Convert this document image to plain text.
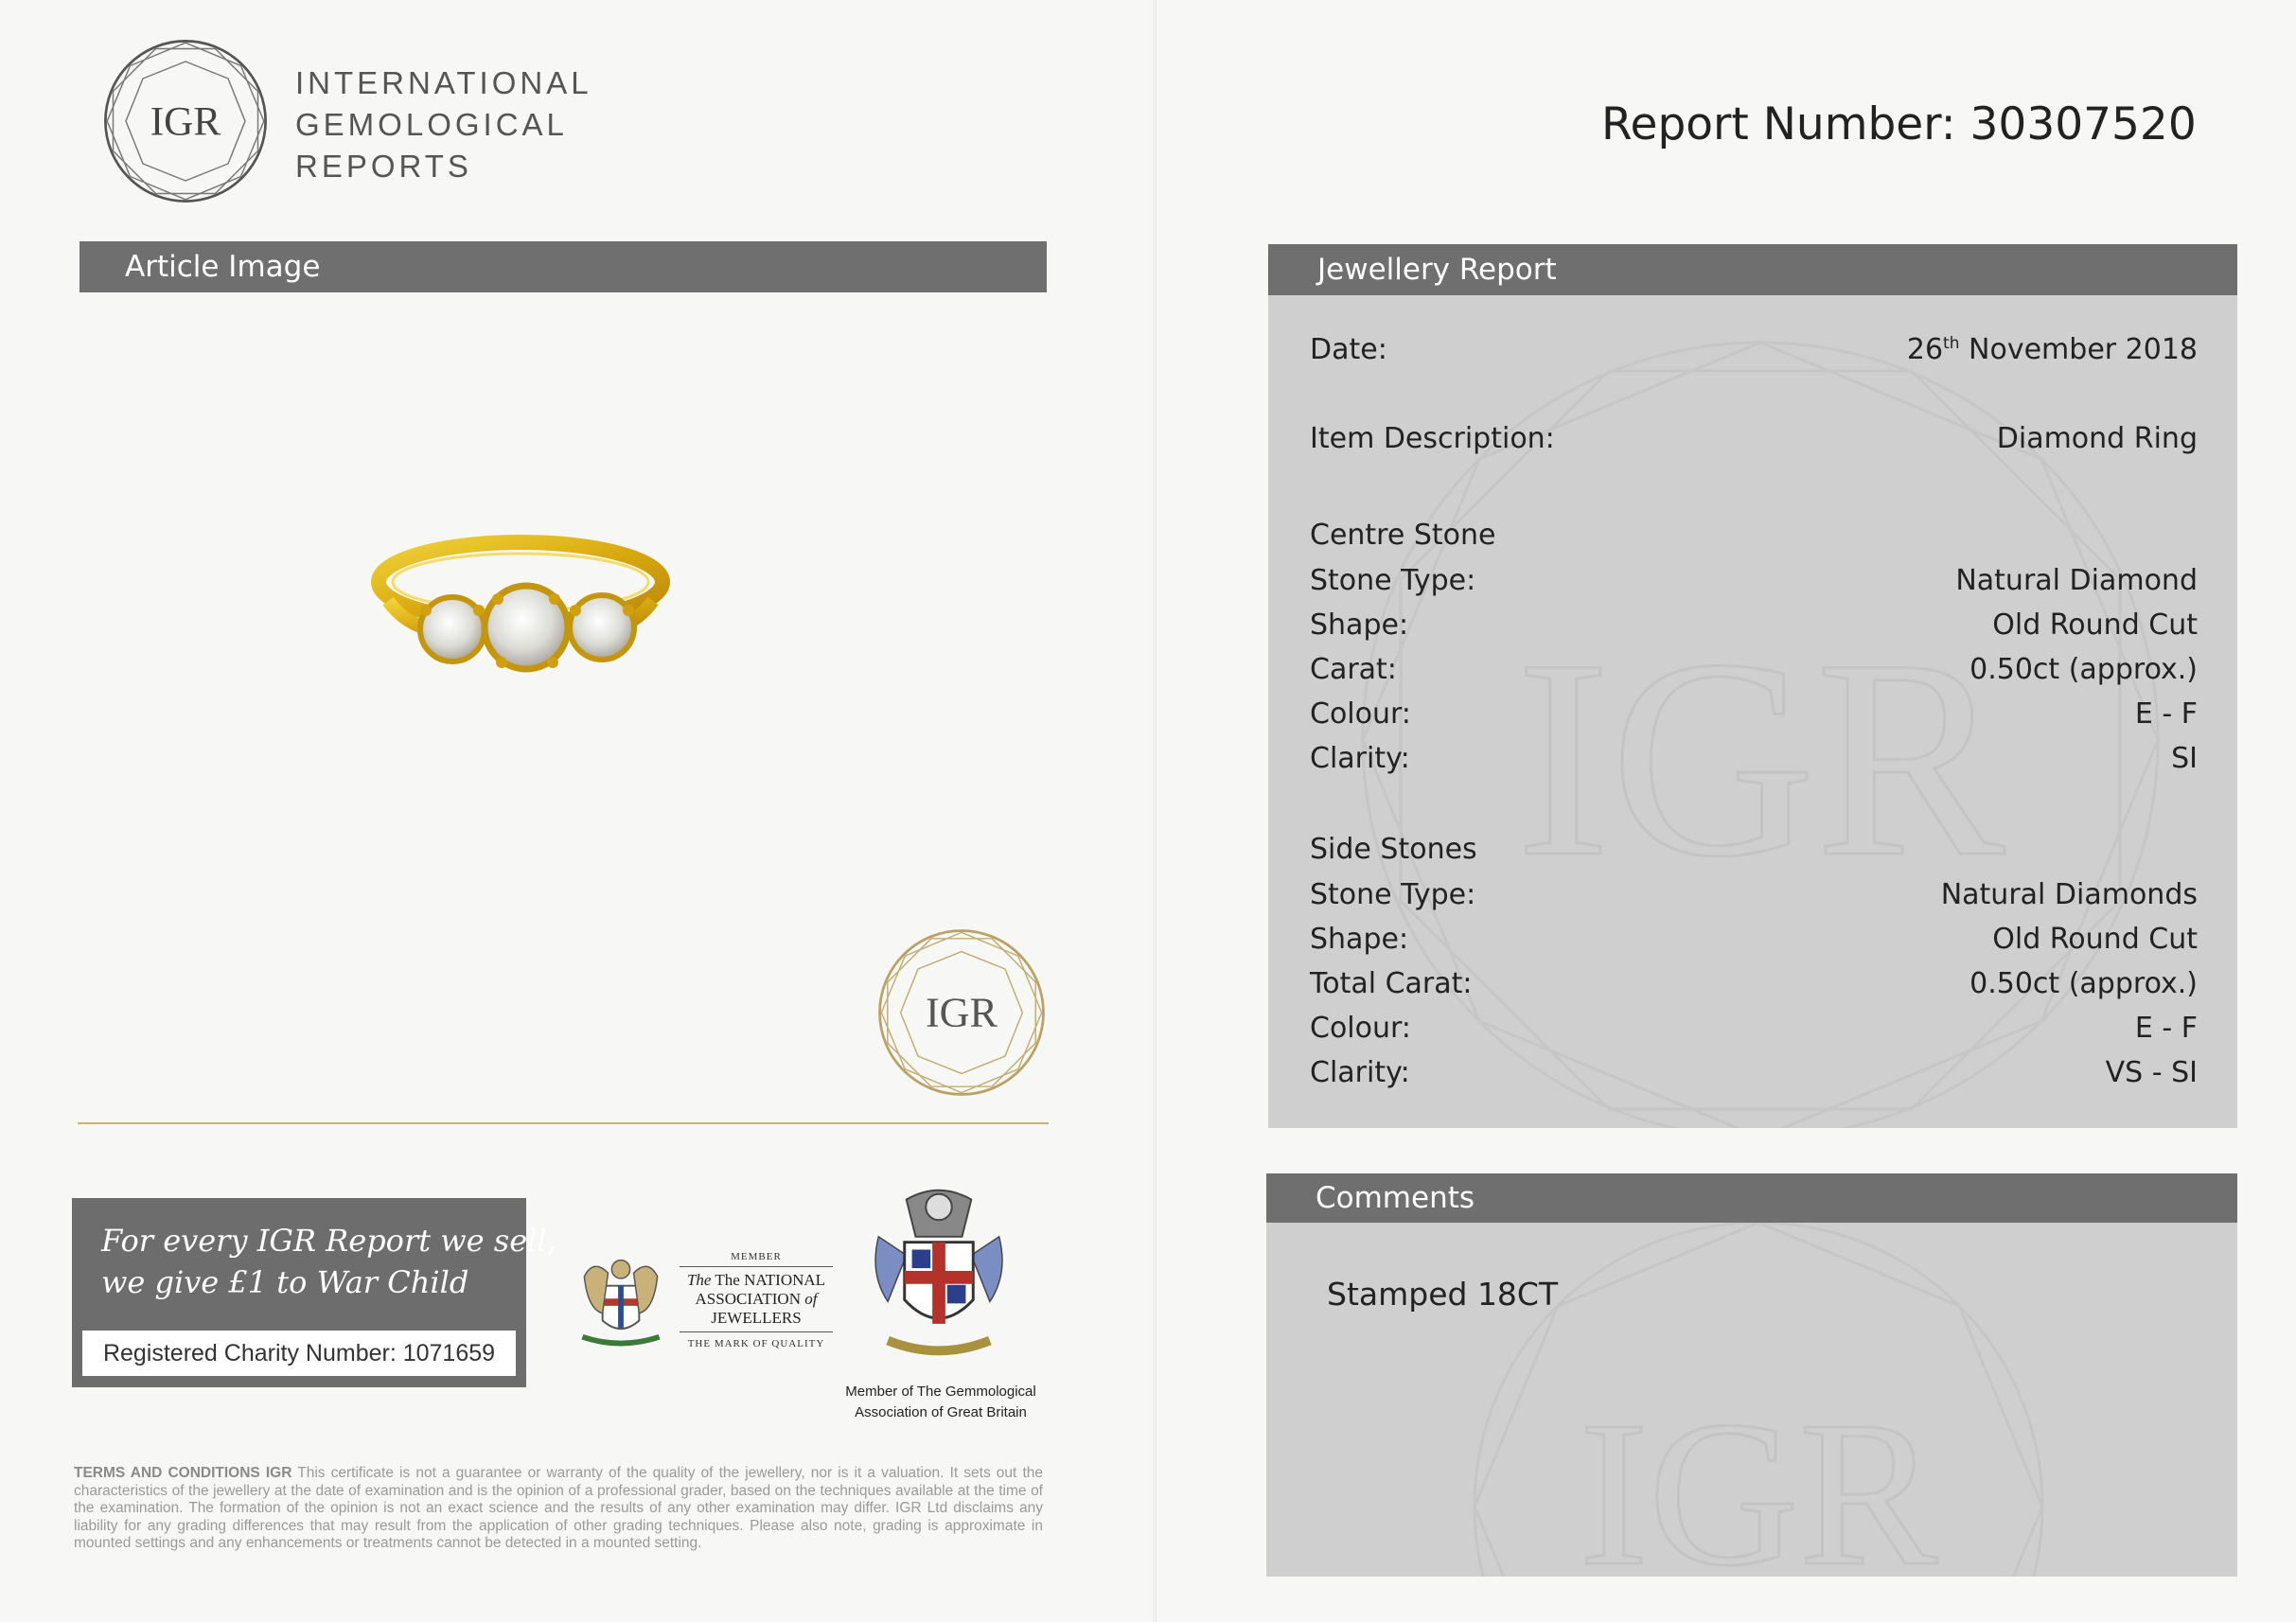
IGR
INTERNATIONAL
GEMOLOGICAL
REPORTS
Article Image
IGR
For every IGR Report we sell,
we give £1 to War Child
Registered Charity Number: 1071659
MEMBER
The The NATIONAL
ASSOCIATION of
JEWELLERS
THE MARK OF QUALITY
Member of The Gemmological
Association of Great Britain
TERMS AND CONDITIONS IGR This certificate is not a guarantee or warranty of the quality of the jewellery, nor is it a valuation. It sets out the characteristics of the jewellery at the date of examination and is the opinion of a professional grader, based on the techniques available at the time of the examination. The formation of the opinion is not an exact science and the results of any other examination may differ. IGR Ltd disclaims any liability for any grading differences that may result from the application of other grading techniques. Please also note, grading is approximate in mounted settings and any enhancements or treatments cannot be detected in a mounted setting.
Report Number: 30307520
Jewellery Report
IGR
Date:	26th November 2018
Item Description:	Diamond Ring
Centre Stone
Stone Type:	Natural Diamond
Shape:	Old Round Cut
Carat:	0.50ct (approx.)
Colour:	E - F
Clarity:	SI
Side Stones
Stone Type:	Natural Diamonds
Shape:	Old Round Cut
Total Carat:	0.50ct (approx.)
Colour:	E - F
Clarity:	VS - SI
Comments
IGR
Stamped 18CT
